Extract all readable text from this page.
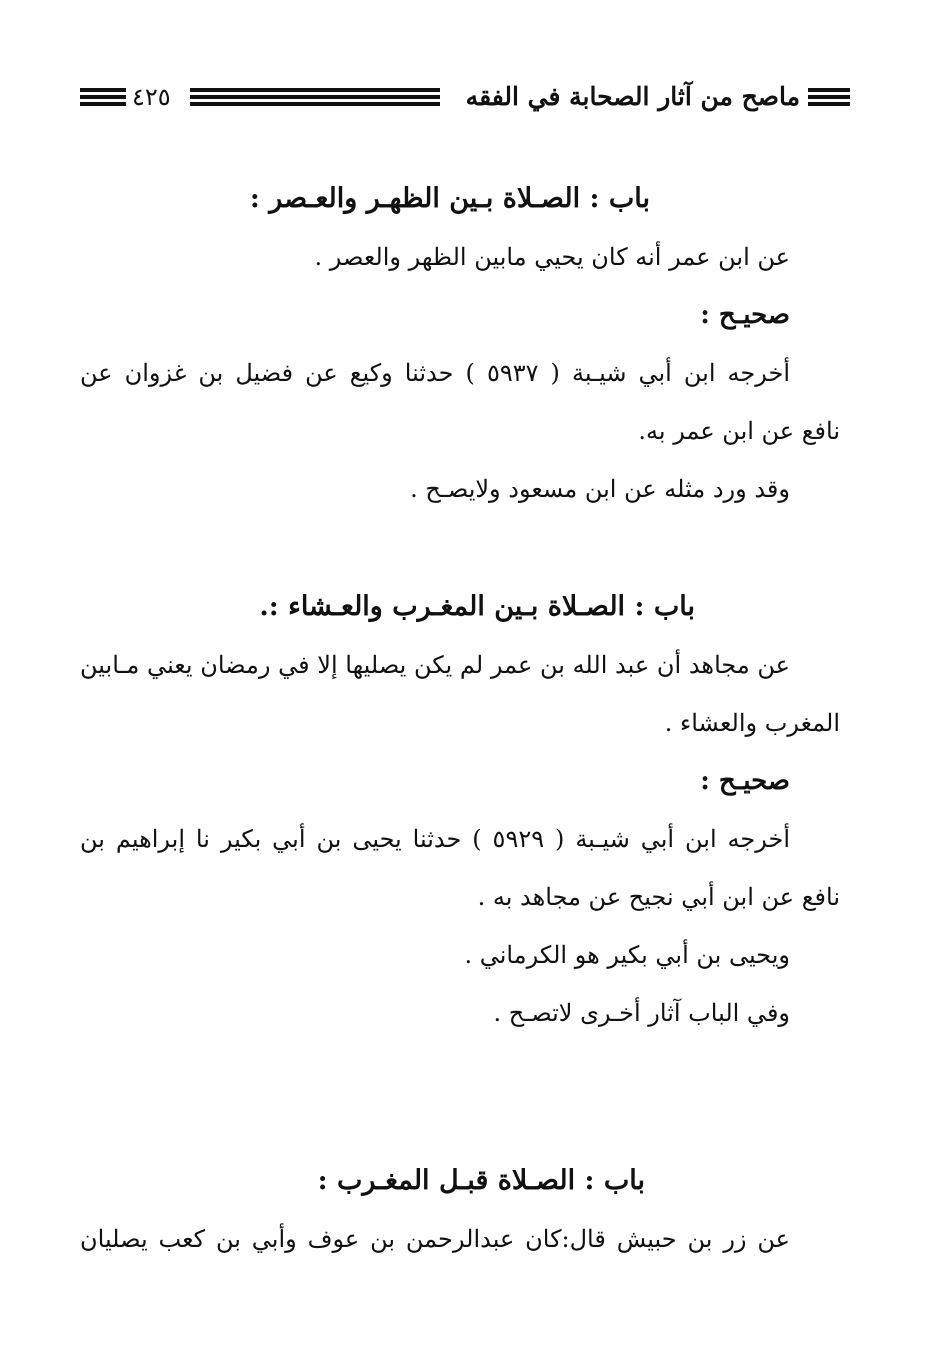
ماصح من آثار الصحابة في الفقه
٤٢٥
باب : الصـلاة بـين الظهـر والعـصر :
عن ابن عمر أنه كان يحيي مابين الظهر والعصر .
صحيـح :
أخرجه ابن أبي شيـبة ( ٥٩٣٧ ) حدثنا وكيع عن فضيل بن غزوان عن
نافع عن ابن عمر به.
وقد ورد مثله عن ابن مسعود ولايصـح .
باب : الصـلاة بـين المغـرب والعـشاء :.
عن مجاهد أن عبد الله بن عمر لم يكن يصليها إلا في رمضان يعني مـابين
المغرب والعشاء .
صحيـح :
أخرجه ابن أبي شيـبة ( ٥٩٢٩ ) حدثنا يحيى بن أبي بكير نا إبراهيم بن
نافع عن ابن أبي نجيح عن مجاهد به .
ويحيى بن أبي بكير هو الكرماني .
وفي الباب آثار أخـرى لاتصـح .
باب : الصـلاة قبـل المغـرب :
عن زر بن حبيش قال:كان عبدالرحمن بن عوف وأبي بن كعب يصليان
